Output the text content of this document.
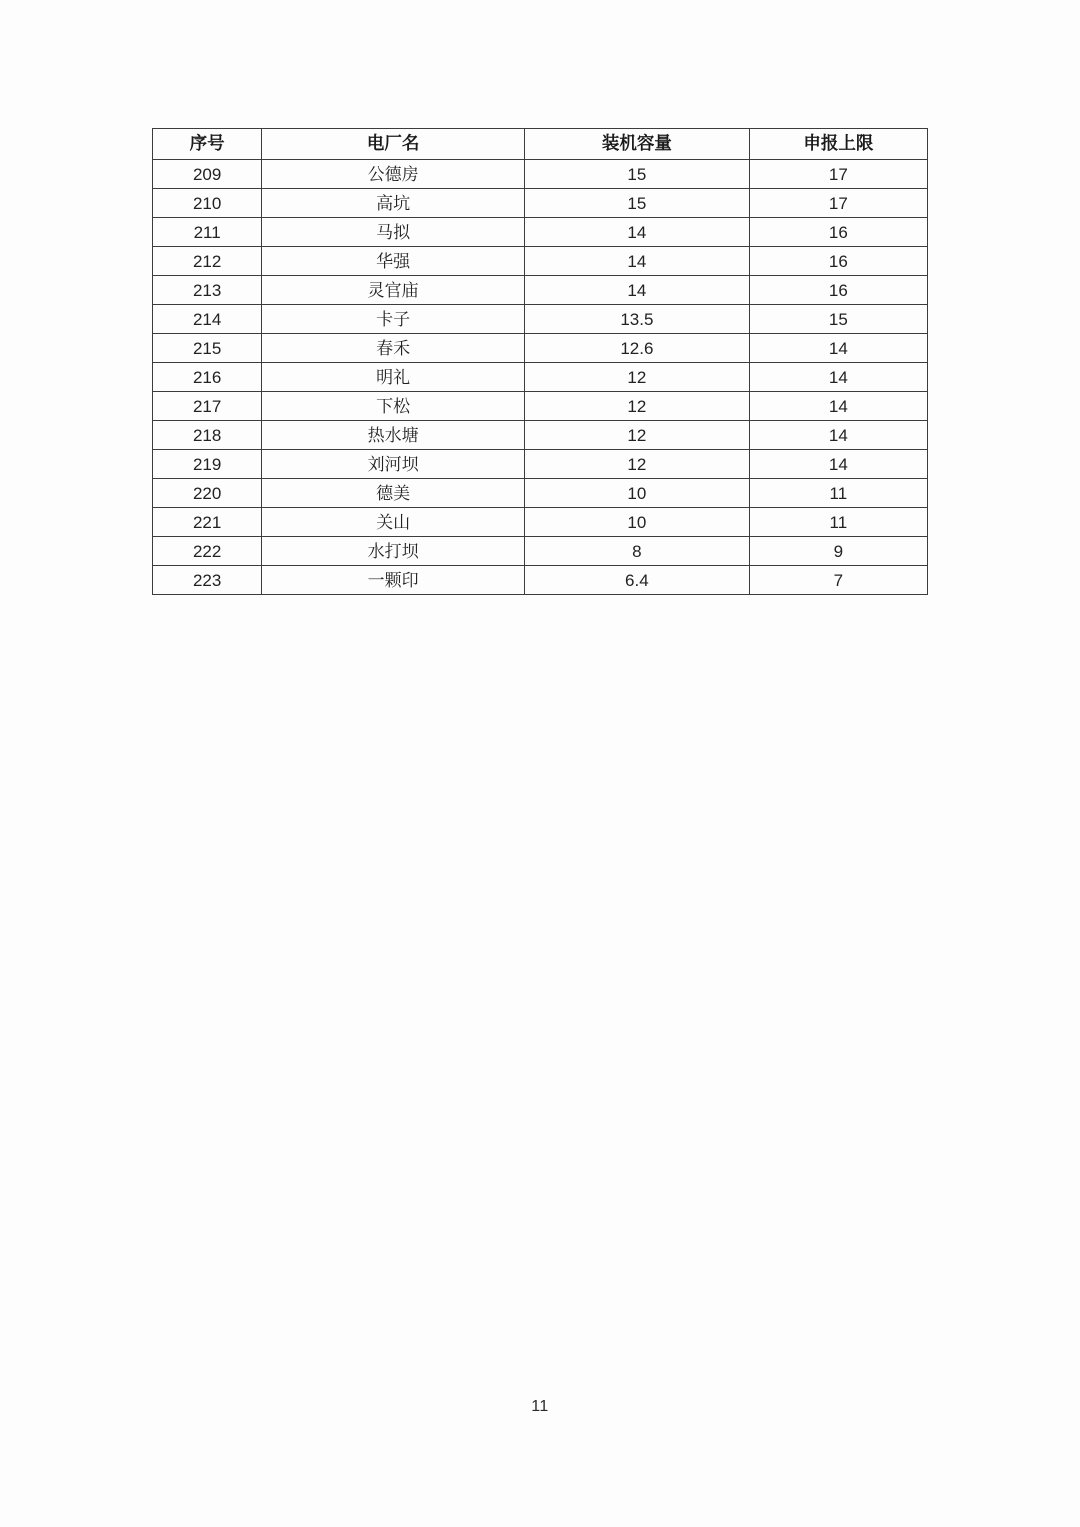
序号	电厂名	装机容量	申报上限
209	公德房	15	17
210	高坑	15	17
211	马拟	14	16
212	华强	14	16
213	灵官庙	14	16
214	卡子	13.5	15
215	春禾	12.6	14
216	明礼	12	14
217	下松	12	14
218	热水塘	12	14
219	刘河坝	12	14
220	德美	10	11
221	关山	10	11
222	水打坝	8	9
223	一颗印	6.4	7
11
